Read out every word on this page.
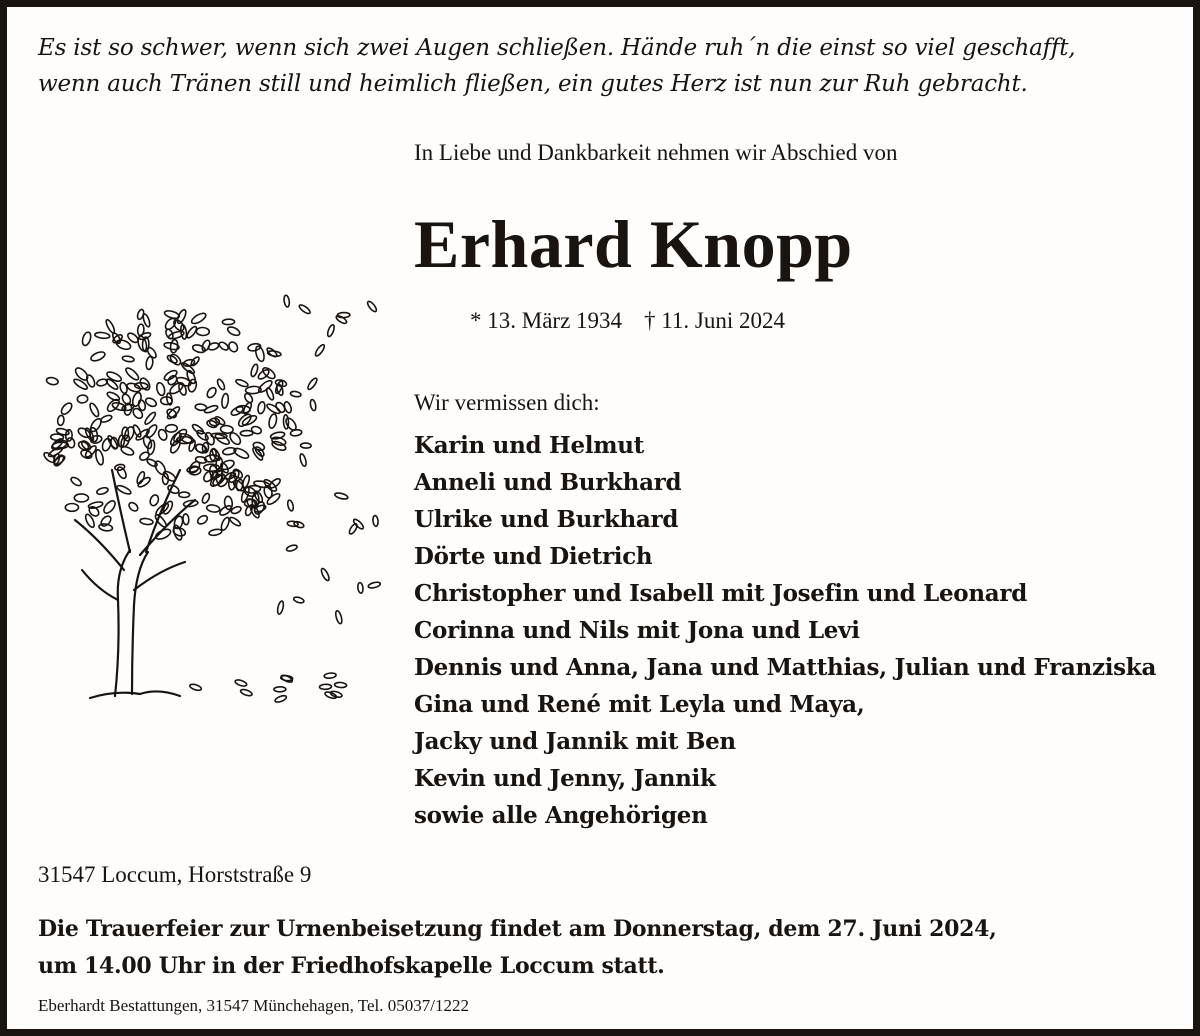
Es ist so schwer, wenn sich zwei Augen schließen. Hände ruh´n die einst so viel geschafft,
wenn auch Tränen still und heimlich fließen, ein gutes Herz ist nun zur Ruh gebracht.
In Liebe und Dankbarkeit nehmen wir Abschied von
Erhard Knopp
* 13. März 1934 † 11. Juni 2024
Wir vermissen dich:
Karin und Helmut
Anneli und Burkhard
Ulrike und Burkhard
Dörte und Dietrich
Christopher und Isabell mit Josefin und Leonard
Corinna und Nils mit Jona und Levi
Dennis und Anna, Jana und Matthias, Julian und Franziska
Gina und René mit Leyla und Maya,
Jacky und Jannik mit Ben
Kevin und Jenny, Jannik
sowie alle Angehörigen
31547 Loccum, Horststraße 9
Die Trauerfeier zur Urnenbeisetzung findet am Donnerstag, dem 27. Juni 2024,
um 14.00 Uhr in der Friedhofskapelle Loccum statt.
Eberhardt Bestattungen, 31547 Münchehagen, Tel. 05037/1222
